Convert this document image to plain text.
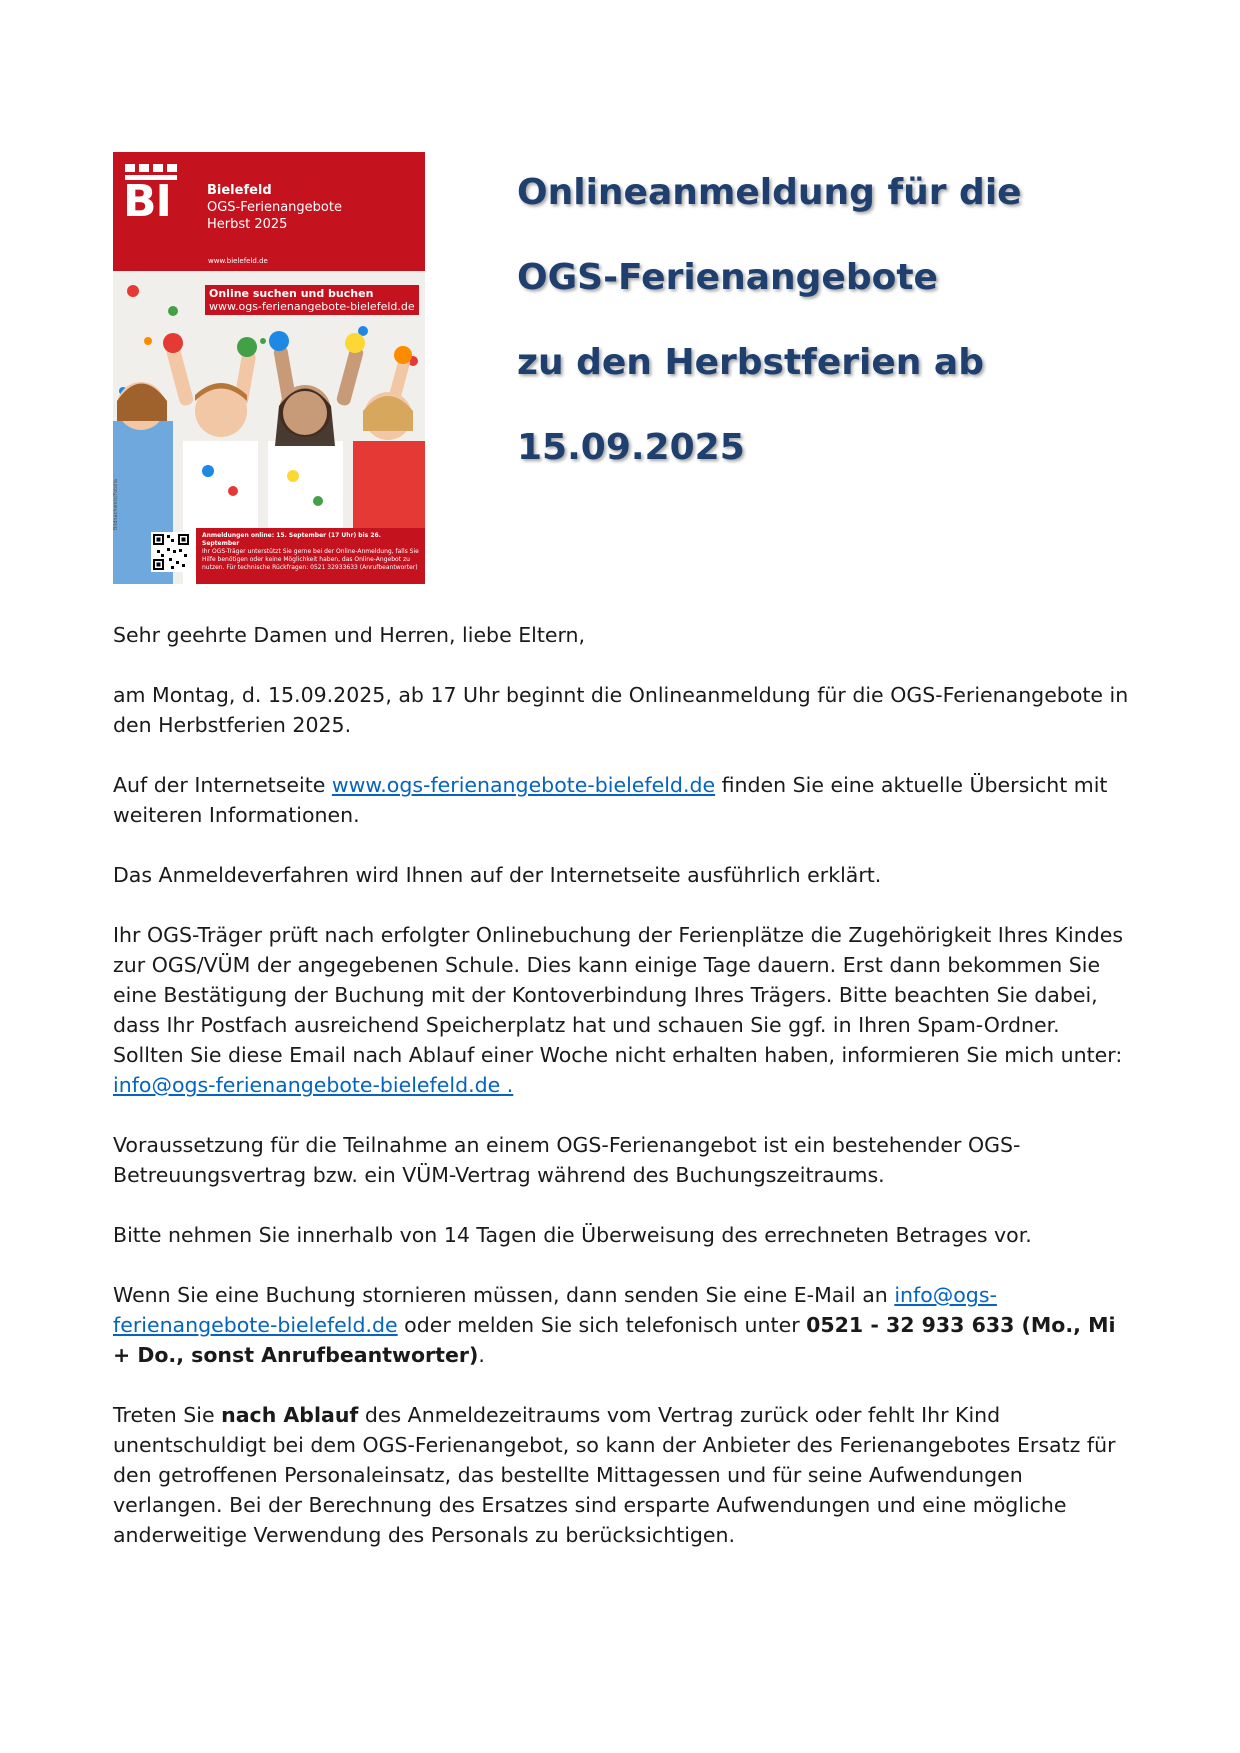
BI	Bielefeld
OGS-Ferienangebote
Herbst 2025
www.bielefeld.de
Online suchen und buchen
www.ogs-ferienangebote-bielefeld.de
Anmeldungen online: 15. September (17 Uhr) bis 26. September
Ihr OGS-Träger unterstützt Sie gerne bei der Online-Anmeldung, falls Sie Hilfe benötigen oder keine Möglichkeit haben, das Online-Angebot zu nutzen. Für technische Rückfragen: 0521 32933633 (Anrufbeantworter)
Bildnachweis/Fotolia
Onlineanmeldung für die
OGS-Ferienangebote
zu den Herbstferien ab
15.09.2025

Sehr geehrte Damen und Herren, liebe Eltern,

am Montag, d. 15.09.2025, ab 17 Uhr beginnt die Onlineanmeldung für die OGS-Ferienangebote in den Herbstferien 2025.

Auf der Internetseite www.ogs-ferienangebote-bielefeld.de finden Sie eine aktuelle Übersicht mit weiteren Informationen.

Das Anmeldeverfahren wird Ihnen auf der Internetseite ausführlich erklärt.

Ihr OGS-Träger prüft nach erfolgter Onlinebuchung der Ferienplätze die Zugehörigkeit Ihres Kindes zur OGS/VÜM der angegebenen Schule. Dies kann einige Tage dauern. Erst dann bekommen Sie eine Bestätigung der Buchung mit der Kontoverbindung Ihres Trägers. Bitte beachten Sie dabei, dass Ihr Postfach ausreichend Speicherplatz hat und schauen Sie ggf. in Ihren Spam-Ordner. Sollten Sie diese Email nach Ablauf einer Woche nicht erhalten haben, informieren Sie mich unter: info@ogs-ferienangebote-bielefeld.de .

Voraussetzung für die Teilnahme an einem OGS-Ferienangebot ist ein bestehender OGS-Betreuungsvertrag bzw. ein VÜM-Vertrag während des Buchungszeitraums.

Bitte nehmen Sie innerhalb von 14 Tagen die Überweisung des errechneten Betrages vor.

Wenn Sie eine Buchung stornieren müssen, dann senden Sie eine E-Mail an info@ogs-ferienangebote-bielefeld.de oder melden Sie sich telefonisch unter 0521 - 32 933 633 (Mo., Mi + Do., sonst Anrufbeantworter).

Treten Sie nach Ablauf des Anmeldezeitraums vom Vertrag zurück oder fehlt Ihr Kind unentschuldigt bei dem OGS-Ferienangebot, so kann der Anbieter des Ferienangebotes Ersatz für den getroffenen Personaleinsatz, das bestellte Mittagessen und für seine Aufwendungen verlangen. Bei der Berechnung des Ersatzes sind ersparte Aufwendungen und eine mögliche anderweitige Verwendung des Personals zu berücksichtigen.
